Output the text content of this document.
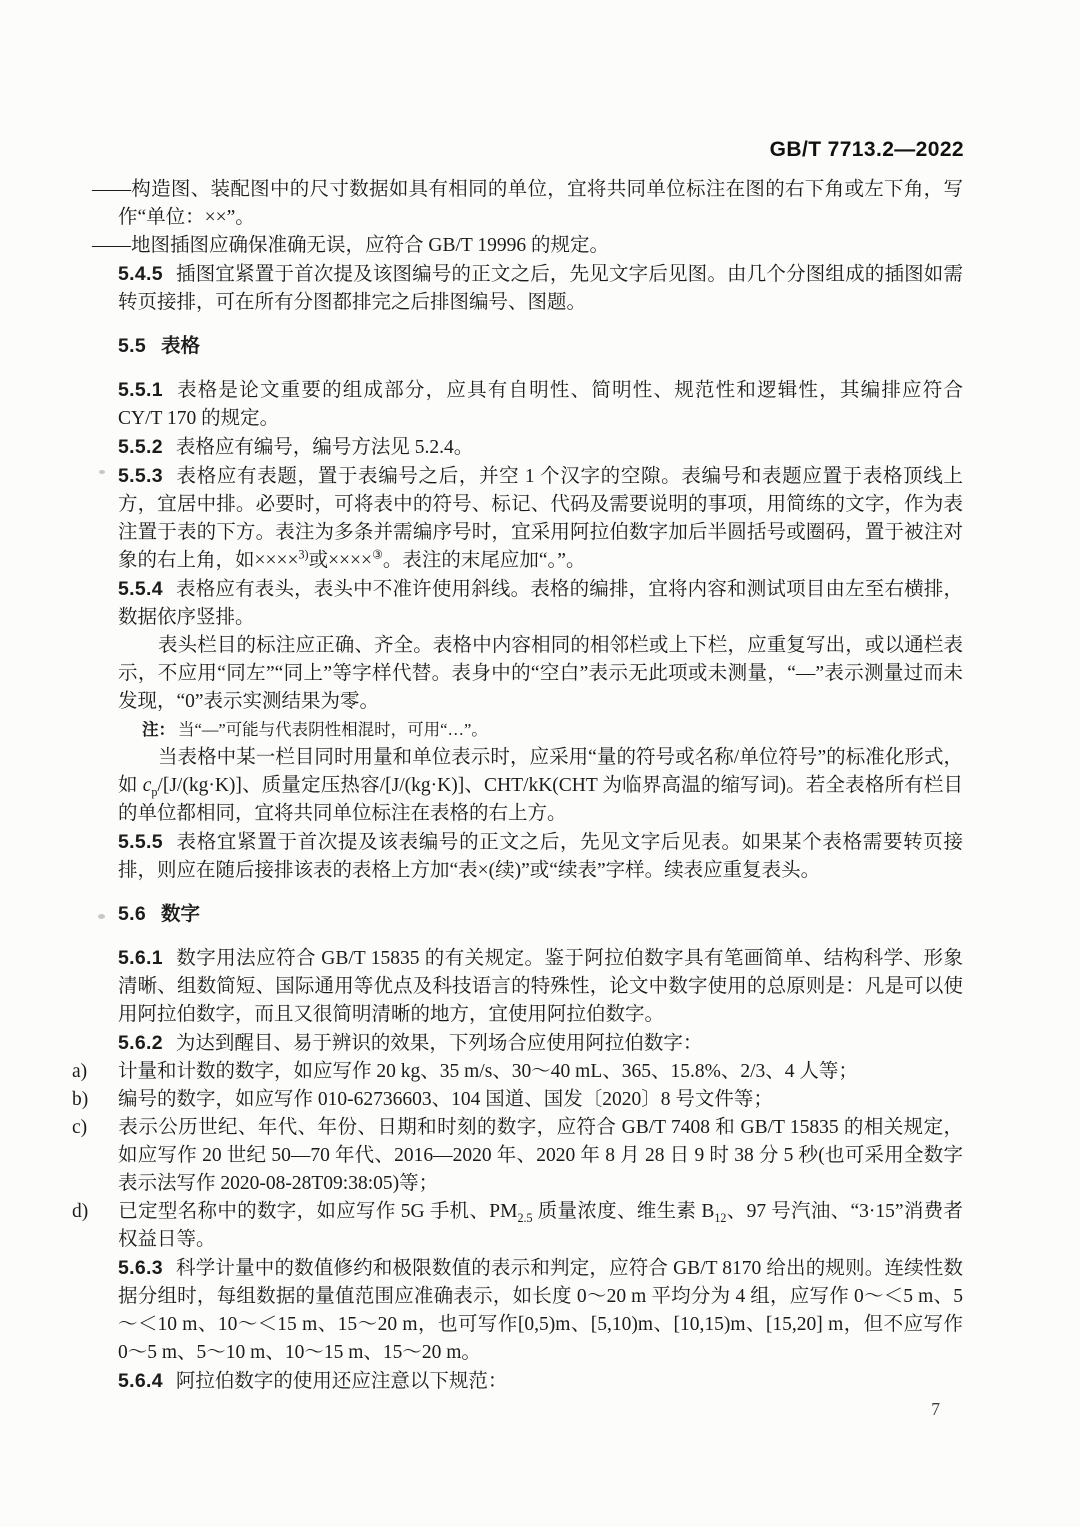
GB/T 7713.2—2022

——构造图、装配图中的尺寸数据如具有相同的单位，宜将共同单位标注在图的右下角或左下角，写作“单位：××”。

——地图插图应确保准确无误，应符合 GB/T 19996 的规定。

5.4.5 插图宜紧置于首次提及该图编号的正文之后，先见文字后见图。由几个分图组成的插图如需转页接排，可在所有分图都排完之后排图编号、图题。

5.5 表格

5.5.1 表格是论文重要的组成部分，应具有自明性、简明性、规范性和逻辑性，其编排应符合 CY/T 170 的规定。

5.5.2 表格应有编号，编号方法见 5.2.4。

5.5.3 表格应有表题，置于表编号之后，并空 1 个汉字的空隙。表编号和表题应置于表格顶线上方，宜居中排。必要时，可将表中的符号、标记、代码及需要说明的事项，用简练的文字，作为表注置于表的下方。表注为多条并需编序号时，宜采用阿拉伯数字加后半圆括号或圈码，置于被注对象的右上角，如××××$^{3)}$或××××③。表注的末尾应加“。”。

5.5.4 表格应有表头，表头中不准许使用斜线。表格的编排，宜将内容和测试项目由左至右横排，数据依序竖排。

表头栏目的标注应正确、齐全。表格中内容相同的相邻栏或上下栏，应重复写出，或以通栏表示，不应用“同左”“同上”等字样代替。表身中的“空白”表示无此项或未测量，“—”表示测量过而未发现，“0”表示实测结果为零。

注： 当“—”可能与代表阴性相混时，可用“…”。

当表格中某一栏目同时用量和单位表示时，应采用“量的符号或名称/单位符号”的标准化形式，如 $c_p/[J/(kg\cdot K)]$、质量定压热容/[J/(kg·K)]、CHT/kK(CHT 为临界高温的缩写词)。若全表格所有栏目的单位都相同，宜将共同单位标注在表格的右上方。

5.5.5 表格宜紧置于首次提及该表编号的正文之后，先见文字后见表。如果某个表格需要转页接排，则应在随后接排该表的表格上方加“表×(续)”或“续表”字样。续表应重复表头。

5.6 数字

5.6.1 数字用法应符合 GB/T 15835 的有关规定。鉴于阿拉伯数字具有笔画简单、结构科学、形象清晰、组数简短、国际通用等优点及科技语言的特殊性，论文中数字使用的总原则是：凡是可以使用阿拉伯数字，而且又很简明清晰的地方，宜使用阿拉伯数字。

5.6.2 为达到醒目、易于辨识的效果，下列场合应使用阿拉伯数字：

a) 计量和计数的数字，如应写作 20 kg、35 m/s、30～40 mL、365、15.8%、2/3、4 人等；

b) 编号的数字，如应写作 010-62736603、104 国道、国发〔2020〕8 号文件等；

c) 表示公历世纪、年代、年份、日期和时刻的数字，应符合 GB/T 7408 和 GB/T 15835 的相关规定，如应写作 20 世纪 50—70 年代、2016—2020 年、2020 年 8 月 28 日 9 时 38 分 5 秒(也可采用全数字表示法写作 2020-08-28T09:38:05)等；

d) 已定型名称中的数字，如应写作 5G 手机、$PM_{2.5}$ 质量浓度、维生素 $B_{12}$、97 号汽油、“3·15”消费者权益日等。

5.6.3 科学计量中的数值修约和极限数值的表示和判定，应符合 GB/T 8170 给出的规则。连续性数据分组时，每组数据的量值范围应准确表示，如长度 0～20 m 平均分为 4 组，应写作 0～＜5 m、5～＜10 m、10～＜15 m、15～20 m，也可写作[0,5)m、[5,10)m、[10,15)m、[15,20] m，但不应写作 0～5 m、5～10 m、10～15 m、15～20 m。

5.6.4 阿拉伯数字的使用还应注意以下规范：

7
